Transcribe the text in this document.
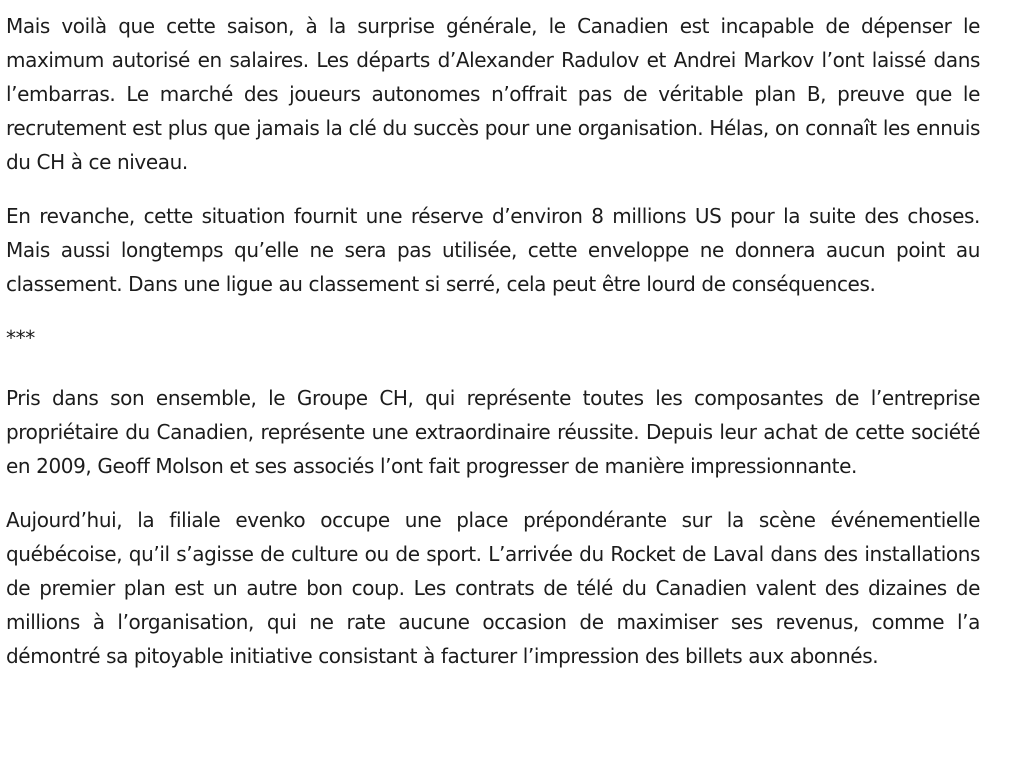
Mais voilà que cette saison, à la surprise générale, le Canadien est incapable de dépenser le maximum autorisé en salaires. Les départs d’Alexander Radulov et Andrei Markov l’ont laissé dans l’embarras. Le marché des joueurs autonomes n’offrait pas de véritable plan B, preuve que le recrutement est plus que jamais la clé du succès pour une organisation. Hélas, on connaît les ennuis du CH à ce niveau.

En revanche, cette situation fournit une réserve d’environ 8 millions US pour la suite des choses. Mais aussi longtemps qu’elle ne sera pas utilisée, cette enveloppe ne donnera aucun point au classement. Dans une ligue au classement si serré, cela peut être lourd de conséquences.

***

Pris dans son ensemble, le Groupe CH, qui représente toutes les composantes de l’entreprise propriétaire du Canadien, représente une extraordinaire réussite. Depuis leur achat de cette société en 2009, Geoff Molson et ses associés l’ont fait progresser de manière impressionnante.

Aujourd’hui, la filiale evenko occupe une place prépondérante sur la scène événementielle québécoise, qu’il s’agisse de culture ou de sport. L’arrivée du Rocket de Laval dans des installations de premier plan est un autre bon coup. Les contrats de télé du Canadien valent des dizaines de millions à l’organisation, qui ne rate aucune occasion de maximiser ses revenus, comme l’a démontré sa pitoyable initiative consistant à facturer l’impression des billets aux abonnés.
